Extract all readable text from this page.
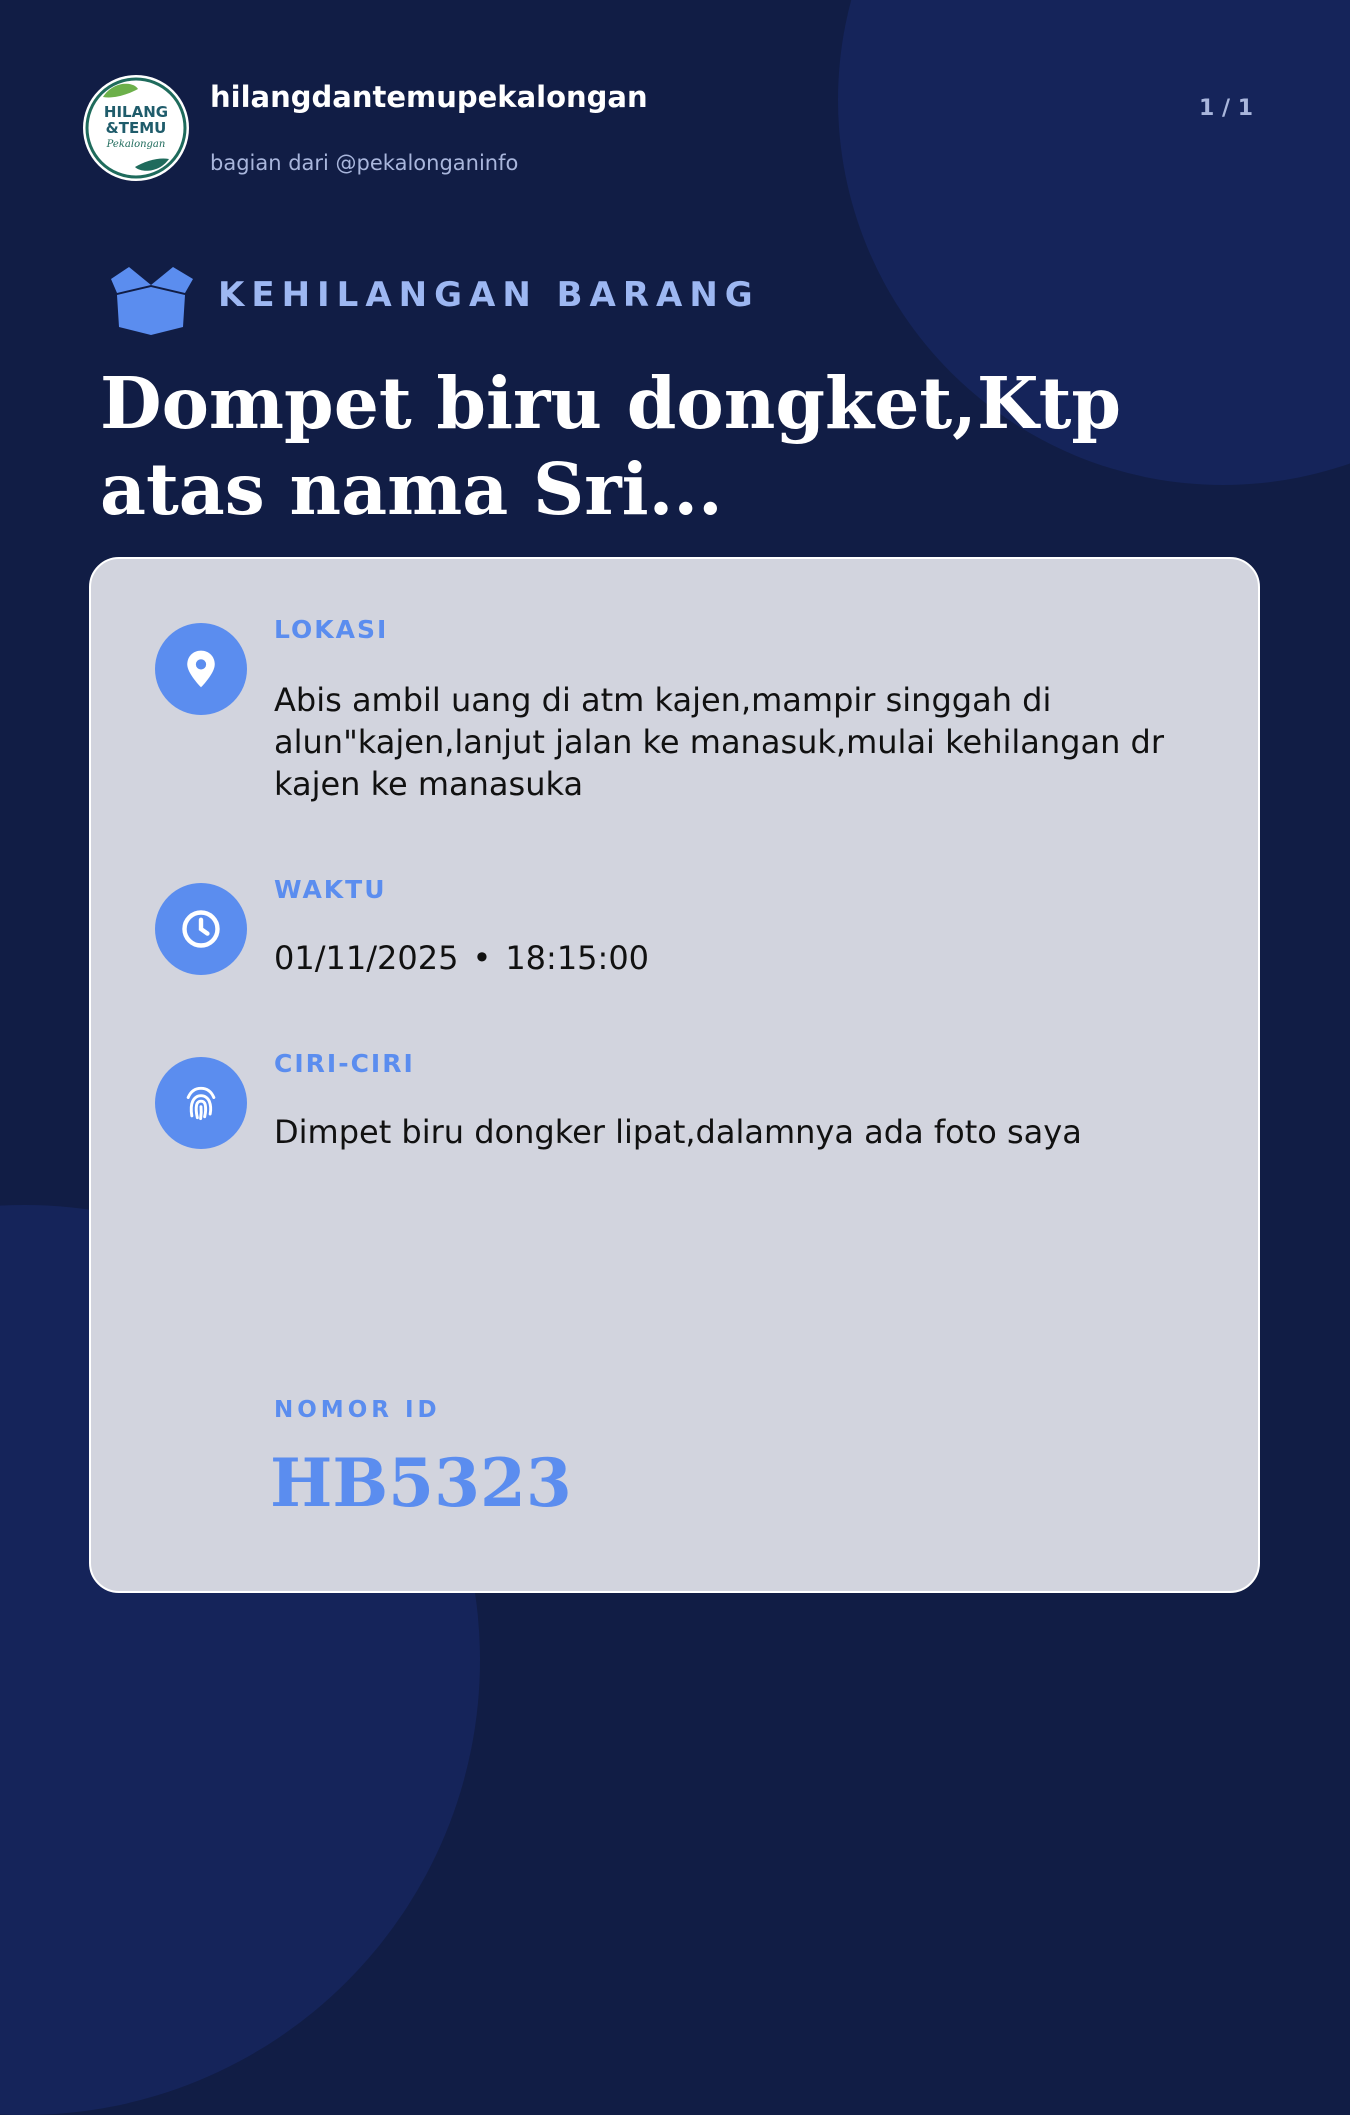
HILANG
&TEMU
Pekalongan
hilangdantemupekalongan
bagian dari @pekalonganinfo
1 / 1
KEHILANGAN BARANG
Dompet biru dongket,Ktp atas nama Sri...
LOKASI
Abis ambil uang di atm kajen,mampir singgah di alun"kajen,lanjut jalan ke manasuk,mulai kehilangan dr kajen ke manasuka
WAKTU
01/11/2025 • 18:15:00
CIRI-CIRI
Dimpet biru dongker lipat,dalamnya ada foto saya
NOMOR ID
HB5323
